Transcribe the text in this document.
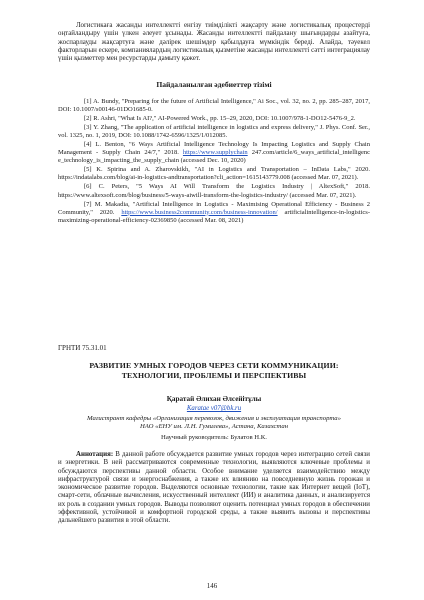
Логистикаға жасанды интеллектті енгізу тиімділікті жақсарту және логистикалық процестерді оңтайландыру үшін үлкен әлеует ұсынады. Жасанды интеллектті пайдалану шығындарды азайтуға, жоспарлауды жақсартуға және дәлірек шешімдер қабылдауға мүмкіндік береді. Алайда, тәуекел факторларын ескере, компаниялардың логистикалық қызметіне жасанды интеллектті сәтті интеграциялау үшін қызметтер мен ресурстарды дамыту қажет.
Пайдаланылған әдебиеттер тізімі

[1] A. Bundy, "Preparing for the future of Artificial Intelligence," Ai Soc., vol. 32, no. 2, pp. 285–287, 2017, DOI: 10.1007/s00146-01DO1685-0.

[2] R. Ashri, "What Is AI?," AI-Powered Work., pp. 15–29, 2020, DOI: 10.1007/978-1-DO12-5476-9_2.

[3] Y. Zhang, "The application of artificial intelligence in logistics and express delivery," J. Phys. Conf. Ser., vol. 1325, no. 1, 2019, DOI: 10.1088/1742-6596/1325/1/012085.

[4] L. Benton, "6 Ways Artificial Intelligence Technology Is Impacting Logistics and Supply Chain Management - Supply Chain 24/7," 2018. https://www.supplychain 247.com/article/6_ways_artificial_intelligenc e_technology_is_impacting_the_supply_chain (accessed Dec. 10, 2020)

[5] K. Spirina and A. Zharovskikh, "AI in Logistics and Transportation – InData Labs," 2020. https://indatalabs.com/blog/ai-in-logistics-andtransportation?cli_action=1615143779.008 (accessed Mar. 07, 2021).

[6] C. Peters, "5 Ways AI Will Transform the Logistics Industry | AltexSoft," 2018. https://www.altexsoft.com/blog/business/5-ways-aiwill-transform-the-logistics-industry/ (accessed Mar. 07, 2021).

[7] M. Makadia, "Artificial Intelligence in Logistics - Maximising Operational Efficiency - Business 2 Community," 2020. https://www.business2community.com/business-innovation/ artificialintelligence-in-logistics-maximizing-operational-efficiency-02369850 (accessed Mar. 08, 2021)

ГРНТИ 75.31.01
РАЗВИТИЕ УМНЫХ ГОРОДОВ ЧЕРЕЗ СЕТИ КОММУНИКАЦИИ:
ТЕХНОЛОГИИ, ПРОБЛЕМЫ И ПЕРСПЕКТИВЫ
Қаратай Әлихан Әлсейітұлы
Karatae v07@bk.ru
Магистрант кафедры «Организация перевозок, движения и эксплуатация транспорта»
НАО «ЕНУ им. Л.Н. Гумилева», Астана, Казахстан
Научный руководитель: Булатов Н.К.
Аннотация: В данной работе обсуждается развитие умных городов через интеграцию сетей связи и энергетики. В ней рассматриваются современные технологии, выявляются ключевые проблемы и обсуждаются перспективы данной области. Особое внимание уделяется взаимодействию между инфраструктурой связи и энергоснабжения, а также их влиянию на повседневную жизнь горожан и экономическое развитие городов. Выделяются основные технологии, такие как Интернет вещей (IoT), смарт-сети, облачные вычисления, искусственный интеллект (ИИ) и аналитика данных, и анализируется их роль в создании умных городов. Выводы позволяют оценить потенциал умных городов в обеспечении эффективной, устойчивой и комфортной городской среды, а также выявить вызовы и перспективы дальнейшего развития в этой области.
146
